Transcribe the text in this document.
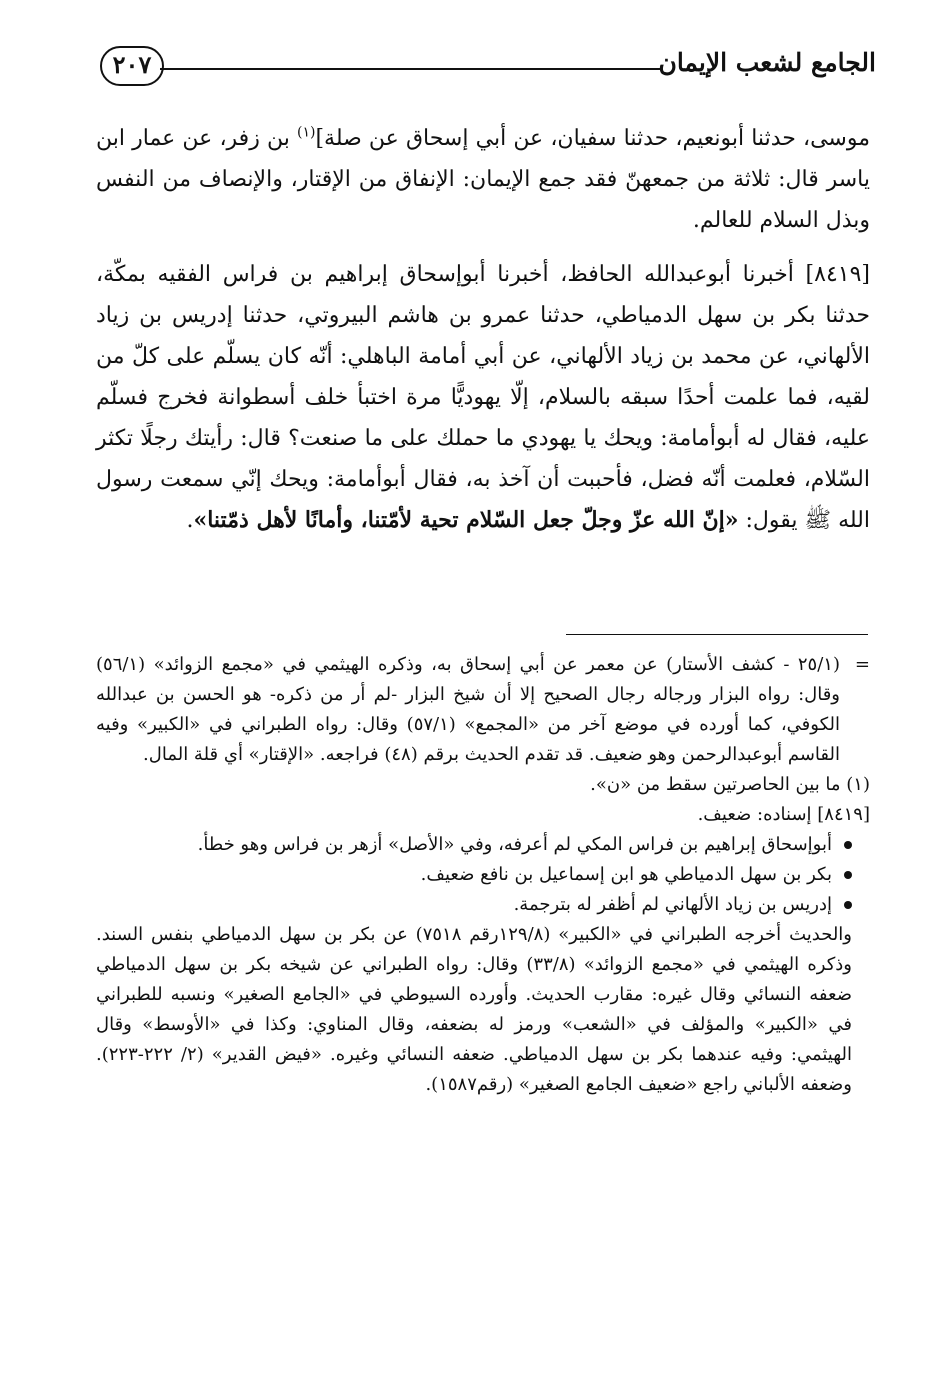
الجامع لشعب الإيمان
٢٠٧

موسى، حدثنا أبونعيم، حدثنا سفيان، عن أبي إسحاق عن صلة]$^{(١)}$ بن زفر، عن عمار ابن ياسر قال: ثلاثة من جمعهنّ فقد جمع الإيمان: الإنفاق من الإقتار، والإنصاف من النفس وبذل السلام للعالم.

[٨٤١٩] أخبرنا أبوعبدالله الحافظ، أخبرنا أبوإسحاق إبراهيم بن فراس الفقيه بمكّة، حدثنا بكر بن سهل الدمياطي، حدثنا عمرو بن هاشم البيروتي، حدثنا إدريس بن زياد الألهاني، عن محمد بن زياد الألهاني، عن أبي أمامة الباهلي: أنّه كان يسلّم على كلّ من لقيه، فما علمت أحدًا سبقه بالسلام، إلّا يهوديًّا مرة اختبأ خلف أسطوانة فخرج فسلّم عليه، فقال له أبوأمامة: ويحك يا يهودي ما حملك على ما صنعت؟ قال: رأيتك رجلًا تكثر السّلام، فعلمت أنّه فضل، فأحببت أن آخذ به، فقال أبوأمامة: ويحك إنّي سمعت رسول الله ﷺ يقول: «إنّ الله عزّ وجلّ جعل السّلام تحية لأمّتنا، وأمانًا لأهل ذمّتنا».

=(٢٥/١ - كشف الأستار) عن معمر عن أبي إسحاق به، وذكره الهيثمي في «مجمع الزوائد» (٥٦/١) وقال: رواه البزار ورجاله رجال الصحيح إلا أن شيخ البزار -لم أر من ذكره- هو الحسن بن عبدالله الكوفي، كما أورده في موضع آخر من «المجمع» (٥٧/١) وقال: رواه الطبراني في «الكبير» وفيه القاسم أبوعبدالرحمن وهو ضعيف. قد تقدم الحديث برقم (٤٨) فراجعه. «الإقتار» أي قلة المال.

(١) ما بين الحاصرتين سقط من «ن».

[٨٤١٩] إسناده: ضعيف.

أبوإسحاق إبراهيم بن فراس المكي لم أعرفه، وفي «الأصل» أزهر بن فراس وهو خطأ.
بكر بن سهل الدمياطي هو ابن إسماعيل بن نافع ضعيف.
إدريس بن زياد الألهاني لم أظفر له بترجمة.

والحديث أخرجه الطبراني في «الكبير» (١٢٩/٨رقم ٧٥١٨) عن بكر بن سهل الدمياطي بنفس السند. وذكره الهيثمي في «مجمع الزوائد» (٣٣/٨) وقال: رواه الطبراني عن شيخه بكر بن سهل الدمياطي ضعفه النسائي وقال غيره: مقارب الحديث. وأورده السيوطي في «الجامع الصغير» ونسبه للطبراني في «الكبير» والمؤلف في «الشعب» ورمز له بضعفه، وقال المناوي: وكذا في «الأوسط» وقال الهيثمي: وفيه عندهما بكر بن سهل الدمياطي. ضعفه النسائي وغيره. «فيض القدير» (٢/ ٢٢٢-٢٢٣). وضعفه الألباني راجع «ضعيف الجامع الصغير» (رقم١٥٨٧).
